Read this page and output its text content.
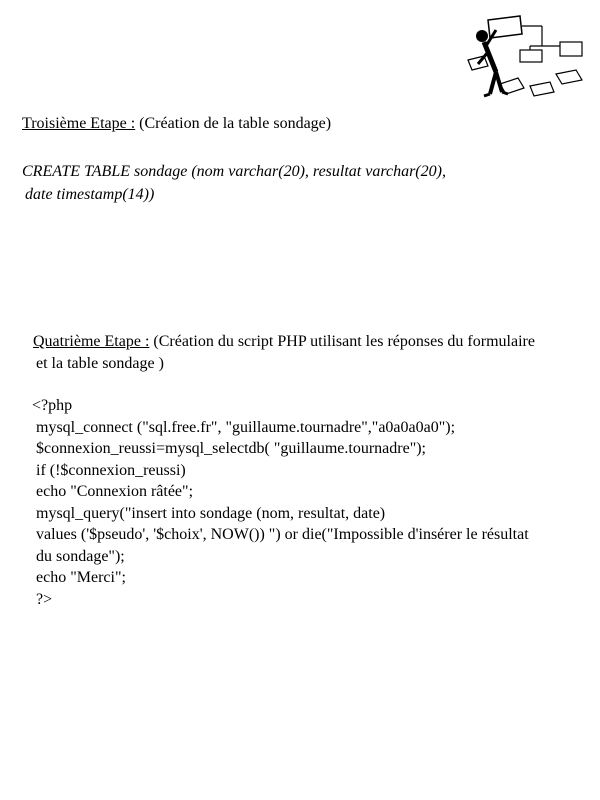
Troisième Etape : (Création de la table sondage)
CREATE TABLE sondage (nom varchar(20), resultat varchar(20),
date timestamp(14))
Quatrième Etape : (Création du script PHP utilisant les réponses du formulaire
et la table sondage )
<?php
mysql_connect ("sql.free.fr", "guillaume.tournadre","a0a0a0a0");
$connexion_reussi=mysql_selectdb( "guillaume.tournadre");
if (!$connexion_reussi)
echo "Connexion râtée";
mysql_query("insert into sondage (nom, resultat, date)
values ('$pseudo', '$choix', NOW()) ") or die("Impossible d'insérer le résultat
du sondage");
echo "Merci";
?>
